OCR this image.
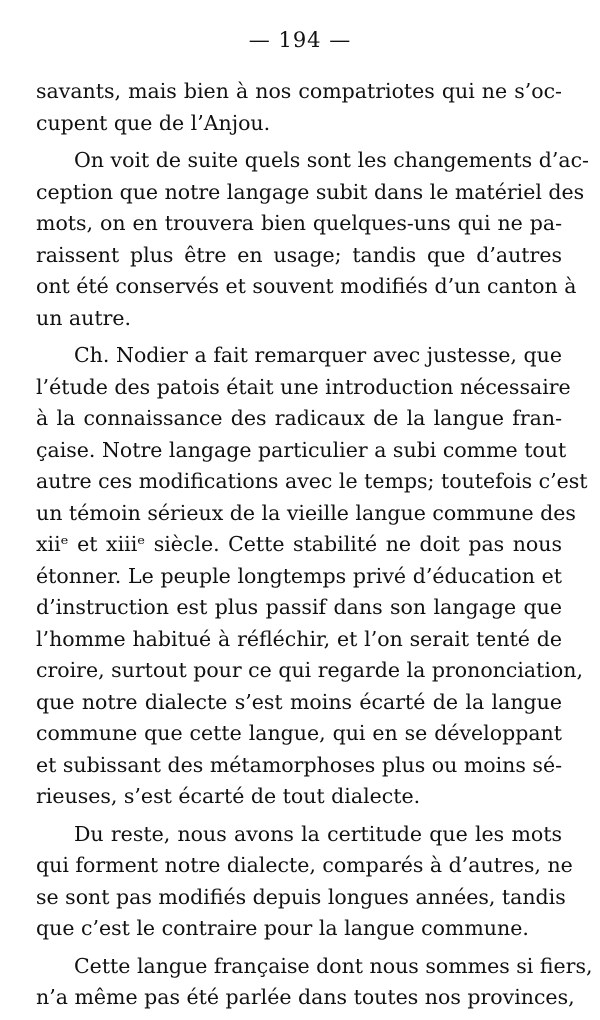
— 194 —
savants, mais bien à nos compatriotes qui ne s’oc-
cupent que de l’Anjou.
On voit de suite quels sont les changements d’ac-
ception que notre langage subit dans le matériel des
mots, on en trouvera bien quelques-uns qui ne pa-
raissent plus être en usage; tandis que d’autres
ont été conservés et souvent modifiés d’un canton à
un autre.
Ch. Nodier a fait remarquer avec justesse, que
l’étude des patois était une introduction nécessaire
à la connaissance des radicaux de la langue fran-
çaise. Notre langage particulier a subi comme tout
autre ces modifications avec le temps; toutefois c’est
un témoin sérieux de la vieille langue commune des
xiiᵉ et xiiiᵉ siècle. Cette stabilité ne doit pas nous
étonner. Le peuple longtemps privé d’éducation et
d’instruction est plus passif dans son langage que
l’homme habitué à réfléchir, et l’on serait tenté de
croire, surtout pour ce qui regarde la prononciation,
que notre dialecte s’est moins écarté de la langue
commune que cette langue, qui en se développant
et subissant des métamorphoses plus ou moins sé-
rieuses, s’est écarté de tout dialecte.
Du reste, nous avons la certitude que les mots
qui forment notre dialecte, comparés à d’autres, ne
se sont pas modifiés depuis longues années, tandis
que c’est le contraire pour la langue commune.
Cette langue française dont nous sommes si fiers,
n’a même pas été parlée dans toutes nos provinces,
